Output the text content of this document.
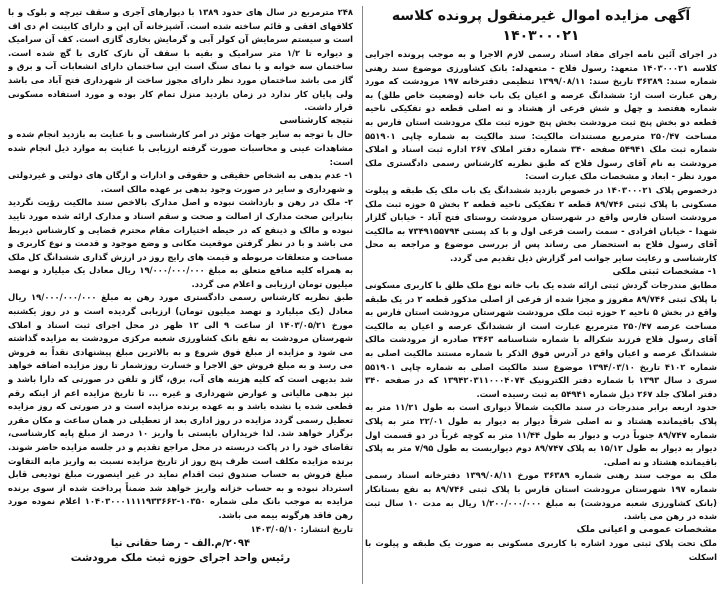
آگهی مزایده اموال غیرمنقول پرونده کلاسه ۱۴۰۳۰۰۰۲۱

در اجرای آئین نامه اجرای مفاد اسناد رسمی لازم الاجرا و به موجب پرونده اجرایی کلاسه ۱۴۰۳۰۰۰۲۱ متعهد: رسول فلاح - متعهدله: بانک کشاورزی موضوع سند رهنی شماره سند: ۳۶۳۸۹ تاریخ سند: ۱۳۹۹/۰۸/۱۱ تنظیمی دفترخانه ۱۹۷ مرودشت که مورد رهن عبارت است از: ششدانگ عرصه و اعیان یک باب خانه (وضعیت خاص طلق) به شماره هفتصد و چهل و شش فرعی از هشتاد و نه اصلی قطعه دو تفکیکی ناحیه قطعه دو بخش پنج ثبت مرودشت بخش پنج حوزه ثبت ملک مرودشت استان فارس به مساحت ۲۵۰/۴۷ مترمربع مستندات مالکیت: سند مالکیت به شماره چاپی ۵۵۱۹۰۱ شماره ثبت ملک ۵۴۹۴۱ صفحه ۳۴۰ شماره دفتر املاک ۲۶۷ اداره ثبت اسناد و املاک مرودشت به نام آقای رسول فلاح که طبق نظریه کارشناس رسمی دادگستری ملک مورد نظر - ابعاد و مشخصات ملک عبارت است:

درخصوص پلاک ۱۴۰۳۰۰۰۲۱ در خصوص بازدید ششدانگ یک باب ملک یک طبقه و پیلوت مسکونی با پلاک ثبتی ۸۹/۷۴۶ قطعه ۲ تفکیکی ناحیه قطعه ۲ بخش ۵ حوزه ثبت ملک مرودشت استان فارس واقع در شهرستان مرودشت روستای فتح آباد - خیابان گلزار شهدا - خیابان افرادی - سمت راست فرعی اول و با کد پستی ۷۳۴۹۱۵۵۷۹۴ به مالکیت آقای رسول فلاح به استحضار می رساند پس از بررسی موضوع و مراجعه به محل کارشناسی و رعایت سایر جوانب امر گزارش ذیل تقدیم می گردد.

۱- مشخصات ثبتی ملکی

مطابق مندرجات گردش ثبتی ارائه شده یک باب خانه نوع ملک طلق با کاربری مسکونی با پلاک ثبتی ۸۹/۷۴۶ مفروز و مجزا شده از فرعی از اصلی مذکور قطعه ۲ در یک طبقه واقع در بخش ۵ ناحیه ۲ حوزه ثبت ملک مرودشت شهرستان مرودشت استان فارس به مساحت عرصه ۲۵۰/۴۷ مترمربع عبارت است از ششدانگ عرصه و اعیان به مالکیت آقای رسول فلاح فرزند شکراله با شماره شناسنامه ۲۴۶۳ صادره از مرودشت مالک ششدانگ عرصه و اعیان واقع در آدرس فوق الذکر با شماره مستند مالکیت اصلی به شماره ۴۱۰۲ تاریخ ۱۳۹۴/۰۳/۱۰ موضوع سند مالکیت اصلی به شماره چاپی ۵۵۱۹۰۱ سری د سال ۱۳۹۳ با شماره دفتر الکترونیک ۱۳۹۴۲۰۳۱۱۰۰۰۴۰۷۴ که در صفحه ۳۴۰ دفتر املاک جلد ۲۶۷ ذیل شماره ۵۴۹۴۱ به ثبت رسیده است.

حدود اربعه برابر مندرجات در سند مالکیت شمالاً دیواری است به طول ۱۱/۲۱ متر به پلاک باقیمانده هشتاد و نه اصلی شرقاً دیوار به دیوار به طول ۲۲/۰۱ متر به پلاک شماره ۸۹/۷۴۷ جنوباً درب و دیوار به طول ۱۱/۴۴ متر به کوچه غرباً در دو قسمت اول دیوار به دیوار به طول ۱۵/۱۲ به پلاک ۸۹/۷۴۷ دوم دیواربست به طول ۷/۹۵ متر به پلاک باقیمانده هشتاد و نه اصلی.

ملک به موجب سند رهنی شماره ۳۶۳۸۹ مورخ ۱۳۹۹/۰۸/۱۱ دفترخانه اسناد رسمی شماره ۱۹۷ شهرستان مرودشت استان فارس با پلاک ثبتی ۸۹/۷۴۶ به نفع بستانکار (بانک کشاورزی شعبه مرودشت) به مبلغ ۱/۲۰۰/۰۰۰/۰۰۰ ریال به مدت ۱۰ سال ثبت شده در رهن می باشد.

مشخصات عمومی و اعیانی ملک

ملک تحت پلاک ثبتی مورد اشاره با کاربری مسکونی به صورت یک طبقه و پیلوت با اسکلت

۲۴۸ مترمربع در سال های حدود ۱۳۸۹ با دیوارهای آجری و سقف تیرچه و بلوک و با کلافهای افقی و قائم ساخته شده است. آشپزخانه آن اپن و دارای کابینت ام دی اف است و سیستم سرمایش آن کولر آبی و گرمایش بخاری گازی است. کف آن سرامیک و دیواره تا ۱/۲ متر سرامیک و بقیه با سقف آن نازک کاری با گچ شده است. ساختمان سه خوابه و با نمای سنگ است این ساختمان دارای انشعابات آب و برق و گاز می باشد ساختمان مورد نظر دارای مجوز ساخت از شهرداری فتح آباد می باشد ولی پایان کار ندارد در زمان بازدید منزل تمام کار بوده و مورد استفاده مسکونی قرار داشت.

نتیجه کارشناسی

حال با توجه به سایر جهات مؤثر در امر کارشناسی و با عنایت به بازدید انجام شده و مشاهدات عینی و محاسبات صورت گرفته ارزیابی با عنایت به موارد ذیل انجام شده است:

۱- عدم بدهی به اشخاص حقیقی و حقوقی و ادارات و ارگان های دولتی و غیردولتی و شهرداری و سایر در صورت وجود بدهی بر عهده مالک است.

۲- ملک در رهن و بازداشت نبوده و اصل مدارک بالاخص سند مالکیت رؤیت نگردید بنابراین صحت مدارک از اصالت و صحت و سقم اسناد و مدارک ارائه شده مورد تایید نبوده و مالک و ذینفع که در حیطه اختیارات مقام محترم قضایی و کارشناس ذیربط می باشد و با در نظر گرفتن موقعیت مکانی و وضع موجود و قدمت و نوع کاربری و مساحت و متعلقات مربوطه و قیمت های رایج روز در ارزش گذاری ششدانگ کل ملک به همراه کلیه منافع متعلق به مبلغ ۱۹/۰۰۰/۰۰۰/۰۰۰ ریال معادل یک میلیارد و نهصد میلیون تومان ارزیابی و اعلام می گردد.

طبق نظریه کارشناس رسمی دادگستری مورد رهن به مبلغ ۱۹/۰۰۰/۰۰۰/۰۰۰ ریال معادل (یک میلیارد و نهصد میلیون تومان) ارزیابی گردیده است و در روز یکشنبه مورخ ۱۴۰۳/۰۵/۲۱ از ساعت ۹ الی ۱۲ ظهر در محل اجرای ثبت اسناد و املاک شهرستان مرودشت به نفع بانک کشاورزی شعبه مرکزی مرودشت به مزایده گذاشته می شود و مزایده از مبلغ فوق شروع و به بالاترین مبلغ پیشنهادی نقداً به فروش می رسد و به مبلغ فروش حق الاجرا و خسارت روزشمار تا روز مزایده اضافه خواهد شد بدیهی است که کلیه هزینه های آب، برق، گاز و تلفن در صورتی که دارا باشد و نیز بدهی مالیاتی و عوارض شهرداری و غیره ... تا تاریخ مزایده اعم از اینکه رقم قطعی شده یا نشده باشد و به عهده برنده مزایده است و در صورتی که روز مزایده تعطیل رسمی گردد مزایده در روز اداری بعد از تعطیلی در همان ساعت و مکان مقرر برگزار خواهد شد. لذا خریداران بایستی با واریز ۱۰ درصد از مبلغ پایه کارشناسی، تقاضای خود را در پاکت دربسته در محل مراجع تقدیم و در جلسه مزایده حاضر شوند. برنده مزایده مکلف است ظرف پنج روز از تاریخ مزایده نسبت به واریز مابه التفاوت مبلغ فروش به حساب صندوق ثبت اقدام نماید در غیر اینصورت مبلغ تودیعی قابل استرداد نبوده و به حساب خزانه واریز خواهد شد ضمناً پرداخت شده از سوی برنده مزایده به موجب بانک ملی شماره ۱۰۳۵۰-۱۰۴۰۳۰۰۰۱۱۱۱۹۳۳۶۶۲ اعلام نموده مورد رهن فاقد هرگونه بیمه می باشد.

تاریخ انتشار: ۱۴۰۳/۰۵/۱۰

۲۰۹۴/م.الف - رضا حقانی نیا

رئیس واحد اجرای حوزه ثبت ملک مرودشت
